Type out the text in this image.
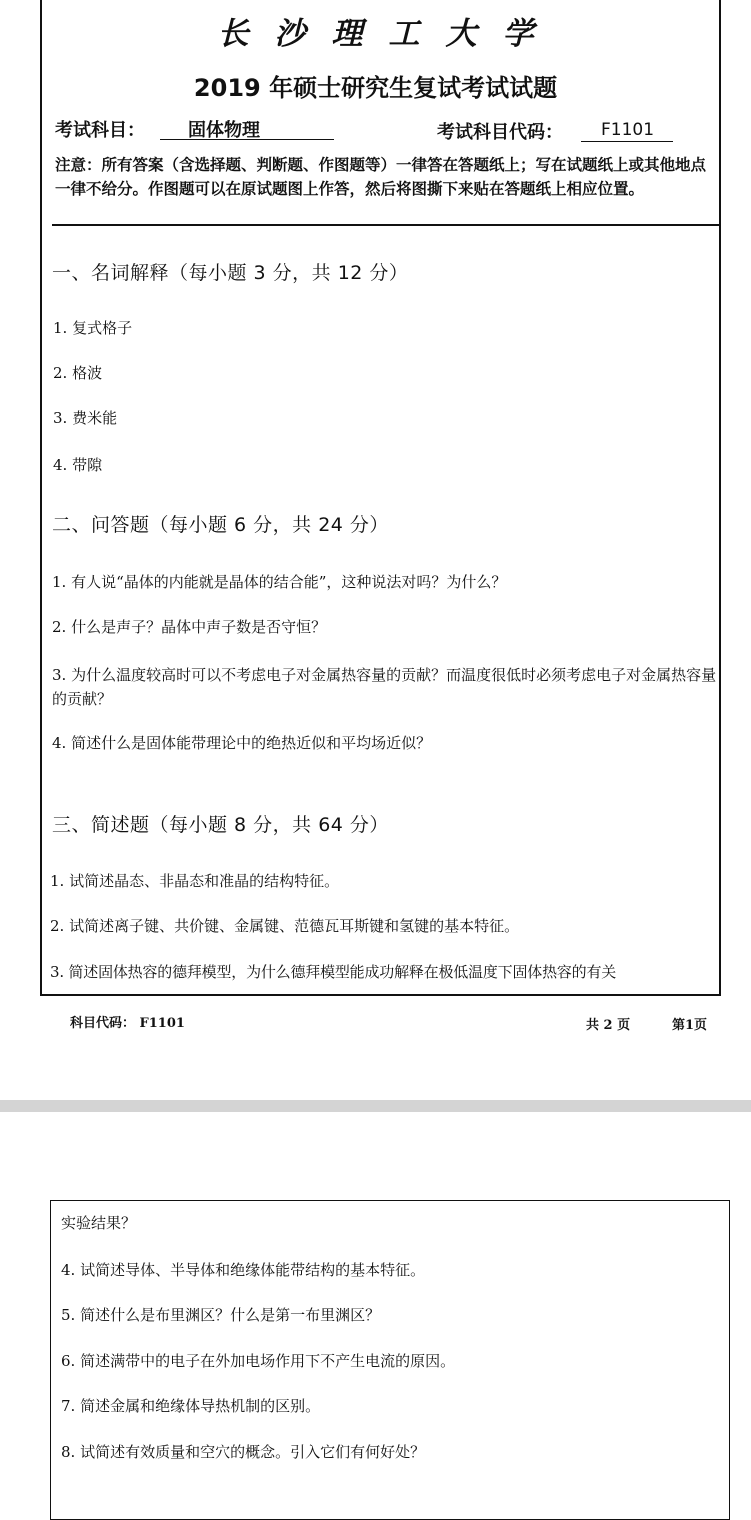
长沙理工大学
2019 年硕士研究生复试考试试题
考试科目：	固体物理	考试科目代码：	F1101
注意：所有答案（含选择题、判断题、作图题等）一律答在答题纸上；写在试题纸上或其他地点一律不给分。作图题可以在原试题图上作答，然后将图撕下来贴在答题纸上相应位置。
一、名词解释（每小题 3 分，共 12 分）
1. 复式格子
2. 格波
3. 费米能
4. 带隙
二、问答题（每小题 6 分，共 24 分）
1. 有人说“晶体的内能就是晶体的结合能”，这种说法对吗？为什么？
2. 什么是声子？晶体中声子数是否守恒？
3. 为什么温度较高时可以不考虑电子对金属热容量的贡献？而温度很低时必须考虑电子对金属热容量的贡献？
4. 简述什么是固体能带理论中的绝热近似和平均场近似？
三、简述题（每小题 8 分，共 64 分）
1. 试简述晶态、非晶态和准晶的结构特征。
2. 试简述离子键、共价键、金属键、范德瓦耳斯键和氢键的基本特征。
3. 简述固体热容的德拜模型，为什么德拜模型能成功解释在极低温度下固体热容的有关
科目代码： F1101	共 2 页	第1页
实验结果？
4. 试简述导体、半导体和绝缘体能带结构的基本特征。
5. 简述什么是布里渊区？什么是第一布里渊区？
6. 简述满带中的电子在外加电场作用下不产生电流的原因。
7. 简述金属和绝缘体导热机制的区别。
8. 试简述有效质量和空穴的概念。引入它们有何好处？
